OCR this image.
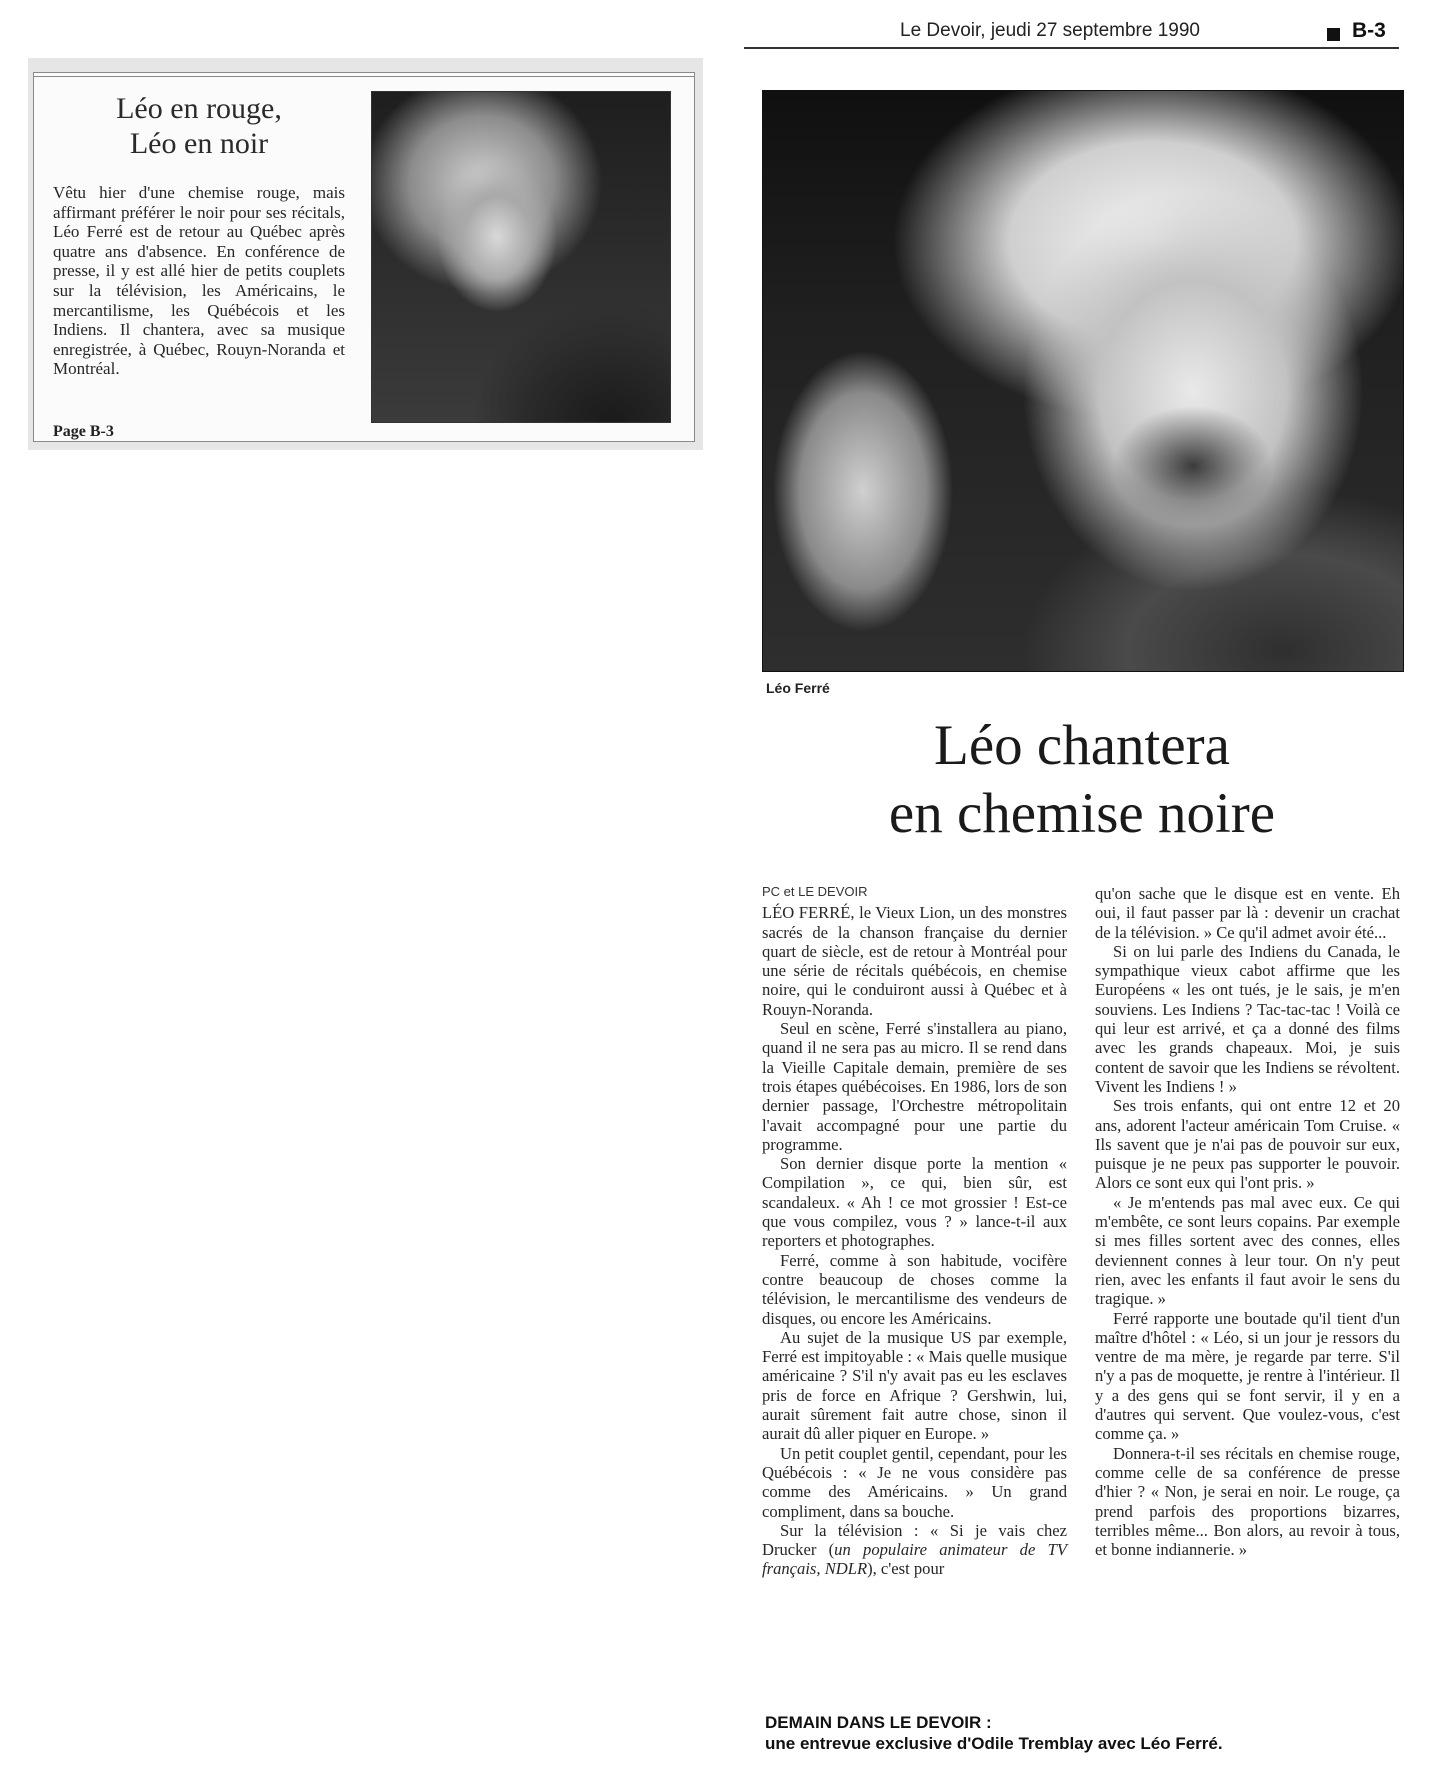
Léo en rouge,
Léo en noir

Vêtu hier d'une chemise rouge, mais affirmant préférer le noir pour ses récitals, Léo Ferré est de retour au Québec après quatre ans d'absence. En conférence de presse, il y est allé hier de petits couplets sur la télévision, les Américains, le mercantilisme, les Québécois et les Indiens. Il chantera, avec sa musique enregistrée, à Québec, Rouyn-Noranda et Montréal.

Page B-3
Le Devoir, jeudi 27 septembre 1990	B-3
Léo Ferré
Léo chantera
en chemise noire
PC et LE DEVOIR

LÉO FERRÉ, le Vieux Lion, un des monstres sacrés de la chanson française du dernier quart de siècle, est de retour à Montréal pour une série de récitals québécois, en chemise noire, qui le conduiront aussi à Québec et à Rouyn-Noranda.

Seul en scène, Ferré s'installera au piano, quand il ne sera pas au micro. Il se rend dans la Vieille Capitale demain, première de ses trois étapes québécoises. En 1986, lors de son dernier passage, l'Orchestre métropolitain l'avait accompagné pour une partie du programme.

Son dernier disque porte la mention « Compilation », ce qui, bien sûr, est scandaleux. « Ah ! ce mot grossier ! Est-ce que vous compilez, vous ? » lance-t-il aux reporters et photographes.

Ferré, comme à son habitude, vocifère contre beaucoup de choses comme la télévision, le mercantilisme des vendeurs de disques, ou encore les Américains.

Au sujet de la musique US par exemple, Ferré est impitoyable : « Mais quelle musique américaine ? S'il n'y avait pas eu les esclaves pris de force en Afrique ? Gershwin, lui, aurait sûrement fait autre chose, sinon il aurait dû aller piquer en Europe. »

Un petit couplet gentil, cependant, pour les Québécois : « Je ne vous considère pas comme des Américains. » Un grand compliment, dans sa bouche.

Sur la télévision : « Si je vais chez Drucker (un populaire animateur de TV français, NDLR), c'est pour

qu'on sache que le disque est en vente. Eh oui, il faut passer par là : devenir un crachat de la télévision. » Ce qu'il admet avoir été...

Si on lui parle des Indiens du Canada, le sympathique vieux cabot affirme que les Européens « les ont tués, je le sais, je m'en souviens. Les Indiens ? Tac-tac-tac ! Voilà ce qui leur est arrivé, et ça a donné des films avec les grands chapeaux. Moi, je suis content de savoir que les Indiens se révoltent. Vivent les Indiens ! »

Ses trois enfants, qui ont entre 12 et 20 ans, adorent l'acteur américain Tom Cruise. « Ils savent que je n'ai pas de pouvoir sur eux, puisque je ne peux pas supporter le pouvoir. Alors ce sont eux qui l'ont pris. »

« Je m'entends pas mal avec eux. Ce qui m'embête, ce sont leurs copains. Par exemple si mes filles sortent avec des connes, elles deviennent connes à leur tour. On n'y peut rien, avec les enfants il faut avoir le sens du tragique. »

Ferré rapporte une boutade qu'il tient d'un maître d'hôtel : « Léo, si un jour je ressors du ventre de ma mère, je regarde par terre. S'il n'y a pas de moquette, je rentre à l'intérieur. Il y a des gens qui se font servir, il y en a d'autres qui servent. Que voulez-vous, c'est comme ça. »

Donnera-t-il ses récitals en chemise rouge, comme celle de sa conférence de presse d'hier ? « Non, je serai en noir. Le rouge, ça prend parfois des proportions bizarres, terribles même... Bon alors, au revoir à tous, et bonne indiannerie. »

DEMAIN DANS LE DEVOIR :
une entrevue exclusive d'Odile Tremblay avec Léo Ferré.
